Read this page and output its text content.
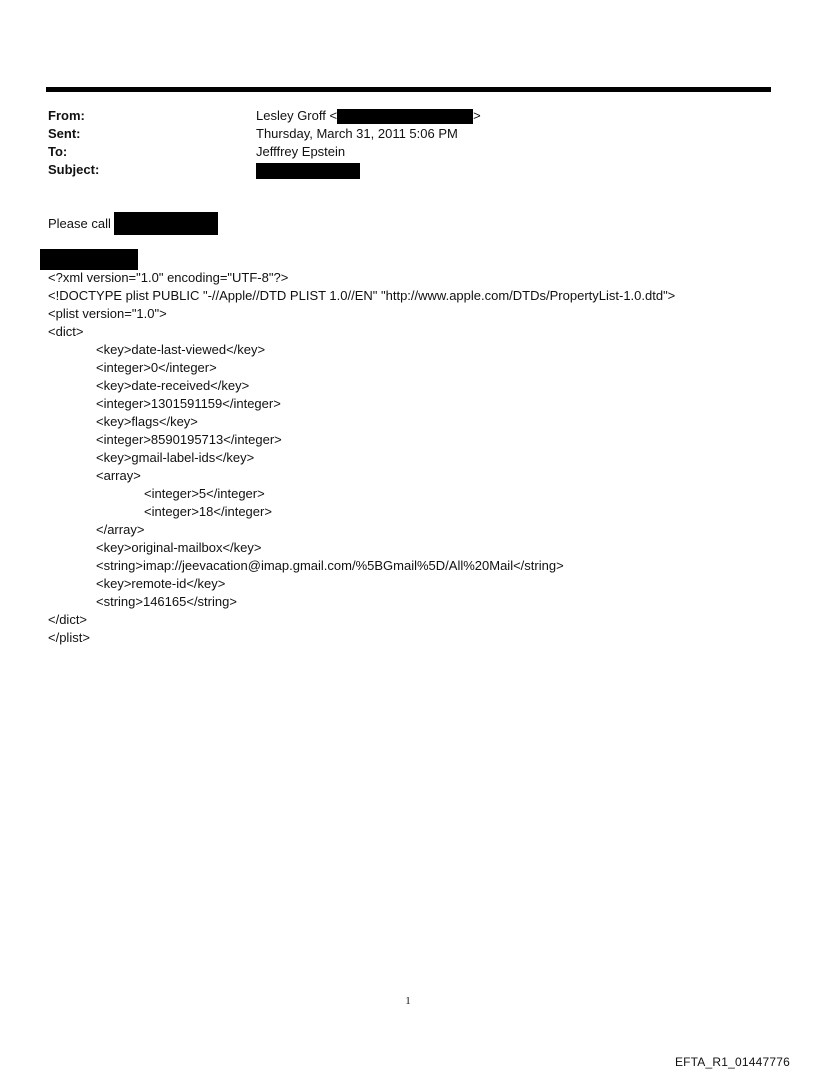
From:	Lesley Groff <	>
Sent:	Thursday, March 31, 2011 5:06 PM
To:	Jefffrey Epstein
Subject:
Please call
<?xml version="1.0" encoding="UTF-8"?>
<!DOCTYPE plist PUBLIC "-//Apple//DTD PLIST 1.0//EN" "http://www.apple.com/DTDs/PropertyList-1.0.dtd">
<plist version="1.0">
<dict>
<key>date-last-viewed</key>
<integer>0</integer>
<key>date-received</key>
<integer>1301591159</integer>
<key>flags</key>
<integer>8590195713</integer>
<key>gmail-label-ids</key>
<array>
<integer>5</integer>
<integer>18</integer>
</array>
<key>original-mailbox</key>
<string>imap://jeevacation@imap.gmail.com/%5BGmail%5D/All%20Mail</string>
<key>remote-id</key>
<string>146165</string>
</dict>
</plist>
1
EFTA_R1_01447776
